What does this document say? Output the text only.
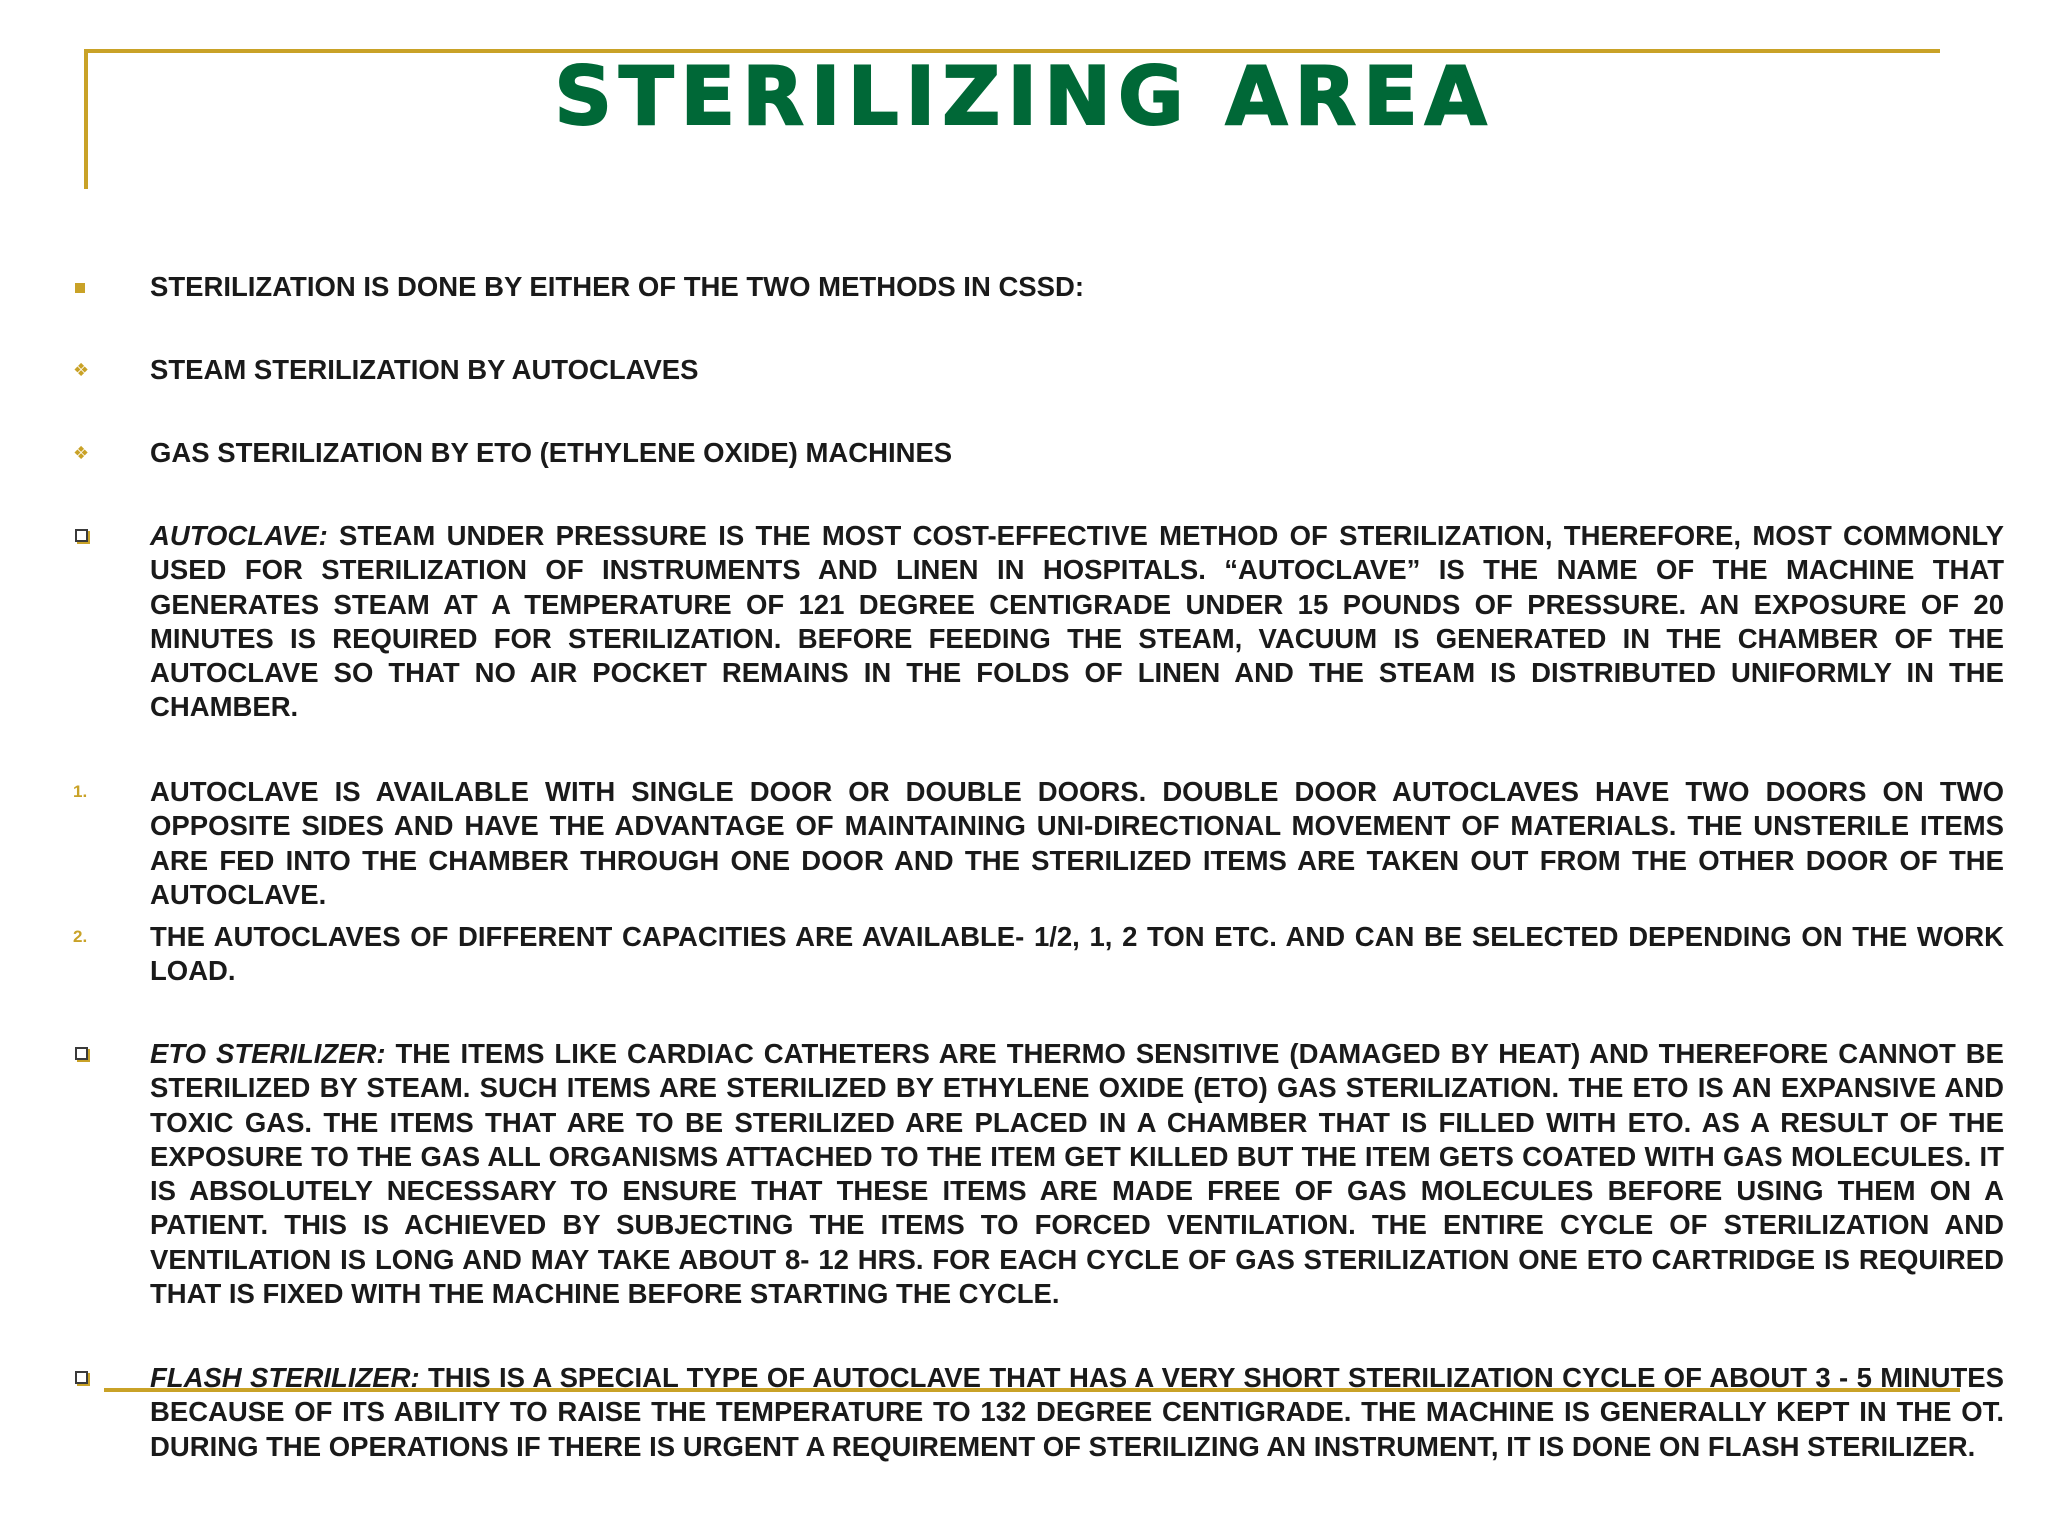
STERILIZING AREA
STERILIZATION IS DONE BY EITHER OF THE TWO METHODS IN CSSD:
❖ STEAM STERILIZATION BY AUTOCLAVES
❖ GAS STERILIZATION BY ETO (ETHYLENE OXIDE) MACHINES
AUTOCLAVE: STEAM UNDER PRESSURE IS THE MOST COST-EFFECTIVE METHOD OF STERILIZATION, THEREFORE, MOST COMMONLY USED FOR STERILIZATION OF INSTRUMENTS AND LINEN IN HOSPITALS. “AUTOCLAVE” IS THE NAME OF THE MACHINE THAT GENERATES STEAM AT A TEMPERATURE OF 121 DEGREE CENTIGRADE UNDER 15 POUNDS OF PRESSURE. AN EXPOSURE OF 20 MINUTES IS REQUIRED FOR STERILIZATION. BEFORE FEEDING THE STEAM, VACUUM IS GENERATED IN THE CHAMBER OF THE AUTOCLAVE SO THAT NO AIR POCKET REMAINS IN THE FOLDS OF LINEN AND THE STEAM IS DISTRIBUTED UNIFORMLY IN THE CHAMBER.
1.	AUTOCLAVE IS AVAILABLE WITH SINGLE DOOR OR DOUBLE DOORS. DOUBLE DOOR AUTOCLAVES HAVE TWO DOORS ON TWO OPPOSITE SIDES AND HAVE THE ADVANTAGE OF MAINTAINING UNI-DIRECTIONAL MOVEMENT OF MATERIALS. THE UNSTERILE ITEMS ARE FED INTO THE CHAMBER THROUGH ONE DOOR AND THE STERILIZED ITEMS ARE TAKEN OUT FROM THE OTHER DOOR OF THE AUTOCLAVE.
2.	THE AUTOCLAVES OF DIFFERENT CAPACITIES ARE AVAILABLE- 1/2, 1, 2 TON ETC. AND CAN BE SELECTED DEPENDING ON THE WORK LOAD.
ETO STERILIZER: THE ITEMS LIKE CARDIAC CATHETERS ARE THERMO SENSITIVE (DAMAGED BY HEAT) AND THEREFORE CANNOT BE STERILIZED BY STEAM. SUCH ITEMS ARE STERILIZED BY ETHYLENE OXIDE (ETO) GAS STERILIZATION. THE ETO IS AN EXPANSIVE AND TOXIC GAS. THE ITEMS THAT ARE TO BE STERILIZED ARE PLACED IN A CHAMBER THAT IS FILLED WITH ETO. AS A RESULT OF THE EXPOSURE TO THE GAS ALL ORGANISMS ATTACHED TO THE ITEM GET KILLED BUT THE ITEM GETS COATED WITH GAS MOLECULES. IT IS ABSOLUTELY NECESSARY TO ENSURE THAT THESE ITEMS ARE MADE FREE OF GAS MOLECULES BEFORE USING THEM ON A PATIENT. THIS IS ACHIEVED BY SUBJECTING THE ITEMS TO FORCED VENTILATION. THE ENTIRE CYCLE OF STERILIZATION AND VENTILATION IS LONG AND MAY TAKE ABOUT 8- 12 HRS. FOR EACH CYCLE OF GAS STERILIZATION ONE ETO CARTRIDGE IS REQUIRED THAT IS FIXED WITH THE MACHINE BEFORE STARTING THE CYCLE.
FLASH STERILIZER: THIS IS A SPECIAL TYPE OF AUTOCLAVE THAT HAS A VERY SHORT STERILIZATION CYCLE OF ABOUT 3 - 5 MINUTES BECAUSE OF ITS ABILITY TO RAISE THE TEMPERATURE TO 132 DEGREE CENTIGRADE. THE MACHINE IS GENERALLY KEPT IN THE OT. DURING THE OPERATIONS IF THERE IS URGENT A REQUIREMENT OF STERILIZING AN INSTRUMENT, IT IS DONE ON FLASH STERILIZER.
